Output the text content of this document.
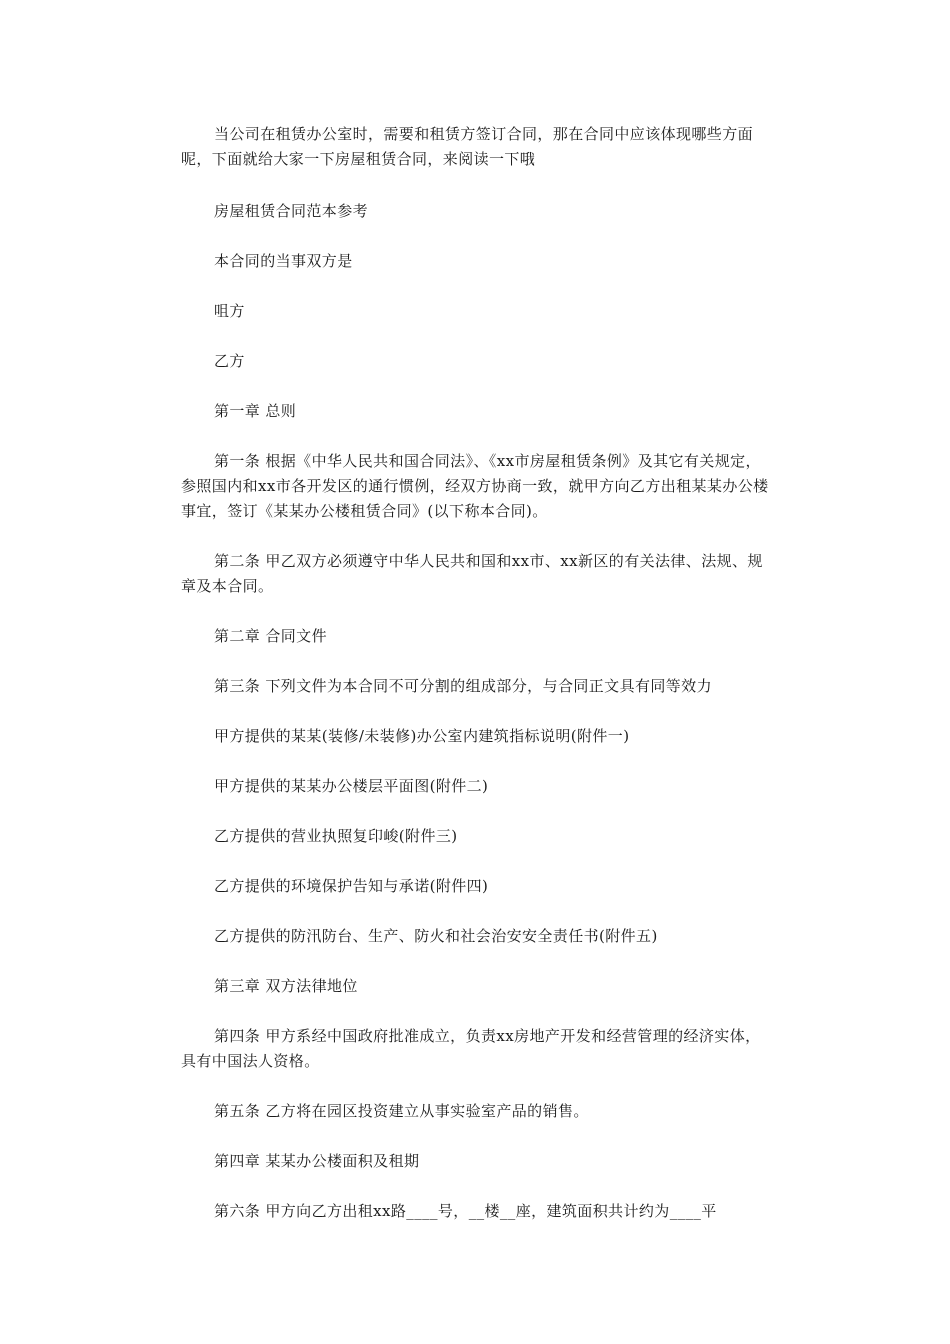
当公司在租赁办公室时，需要和租赁方签订合同，那在合同中应该体现哪些方面呢，下面就给大家一下房屋租赁合同，来阅读一下哦

房屋租赁合同范本参考

本合同的当事双方是

咀方

乙方

第一章 总则

第一条 根据《中华人民共和国合同法》、《xx市房屋租赁条例》及其它有关规定，参照国内和xx市各开发区的通行惯例，经双方协商一致，就甲方向乙方出租某某办公楼事宜，签订《某某办公楼租赁合同》(以下称本合同)。

第二条 甲乙双方必须遵守中华人民共和国和xx市、xx新区的有关法律、法规、规章及本合同。

第二章 合同文件

第三条 下列文件为本合同不可分割的组成部分，与合同正文具有同等效力

甲方提供的某某(装修/未装修)办公室内建筑指标说明(附件一)

甲方提供的某某办公楼层平面图(附件二)

乙方提供的营业执照复印峻(附件三)

乙方提供的环境保护告知与承诺(附件四)

乙方提供的防汛防台、生产、防火和社会治安安全责任书(附件五)

第三章 双方法律地位

第四条 甲方系经中国政府批准成立，负责xx房地产开发和经营管理的经济实体，具有中国法人资格。

第五条 乙方将在园区投资建立从事实验室产品的销售。

第四章 某某办公楼面积及租期

第六条 甲方向乙方出租xx路____号，__楼__座，建筑面积共计约为____平
